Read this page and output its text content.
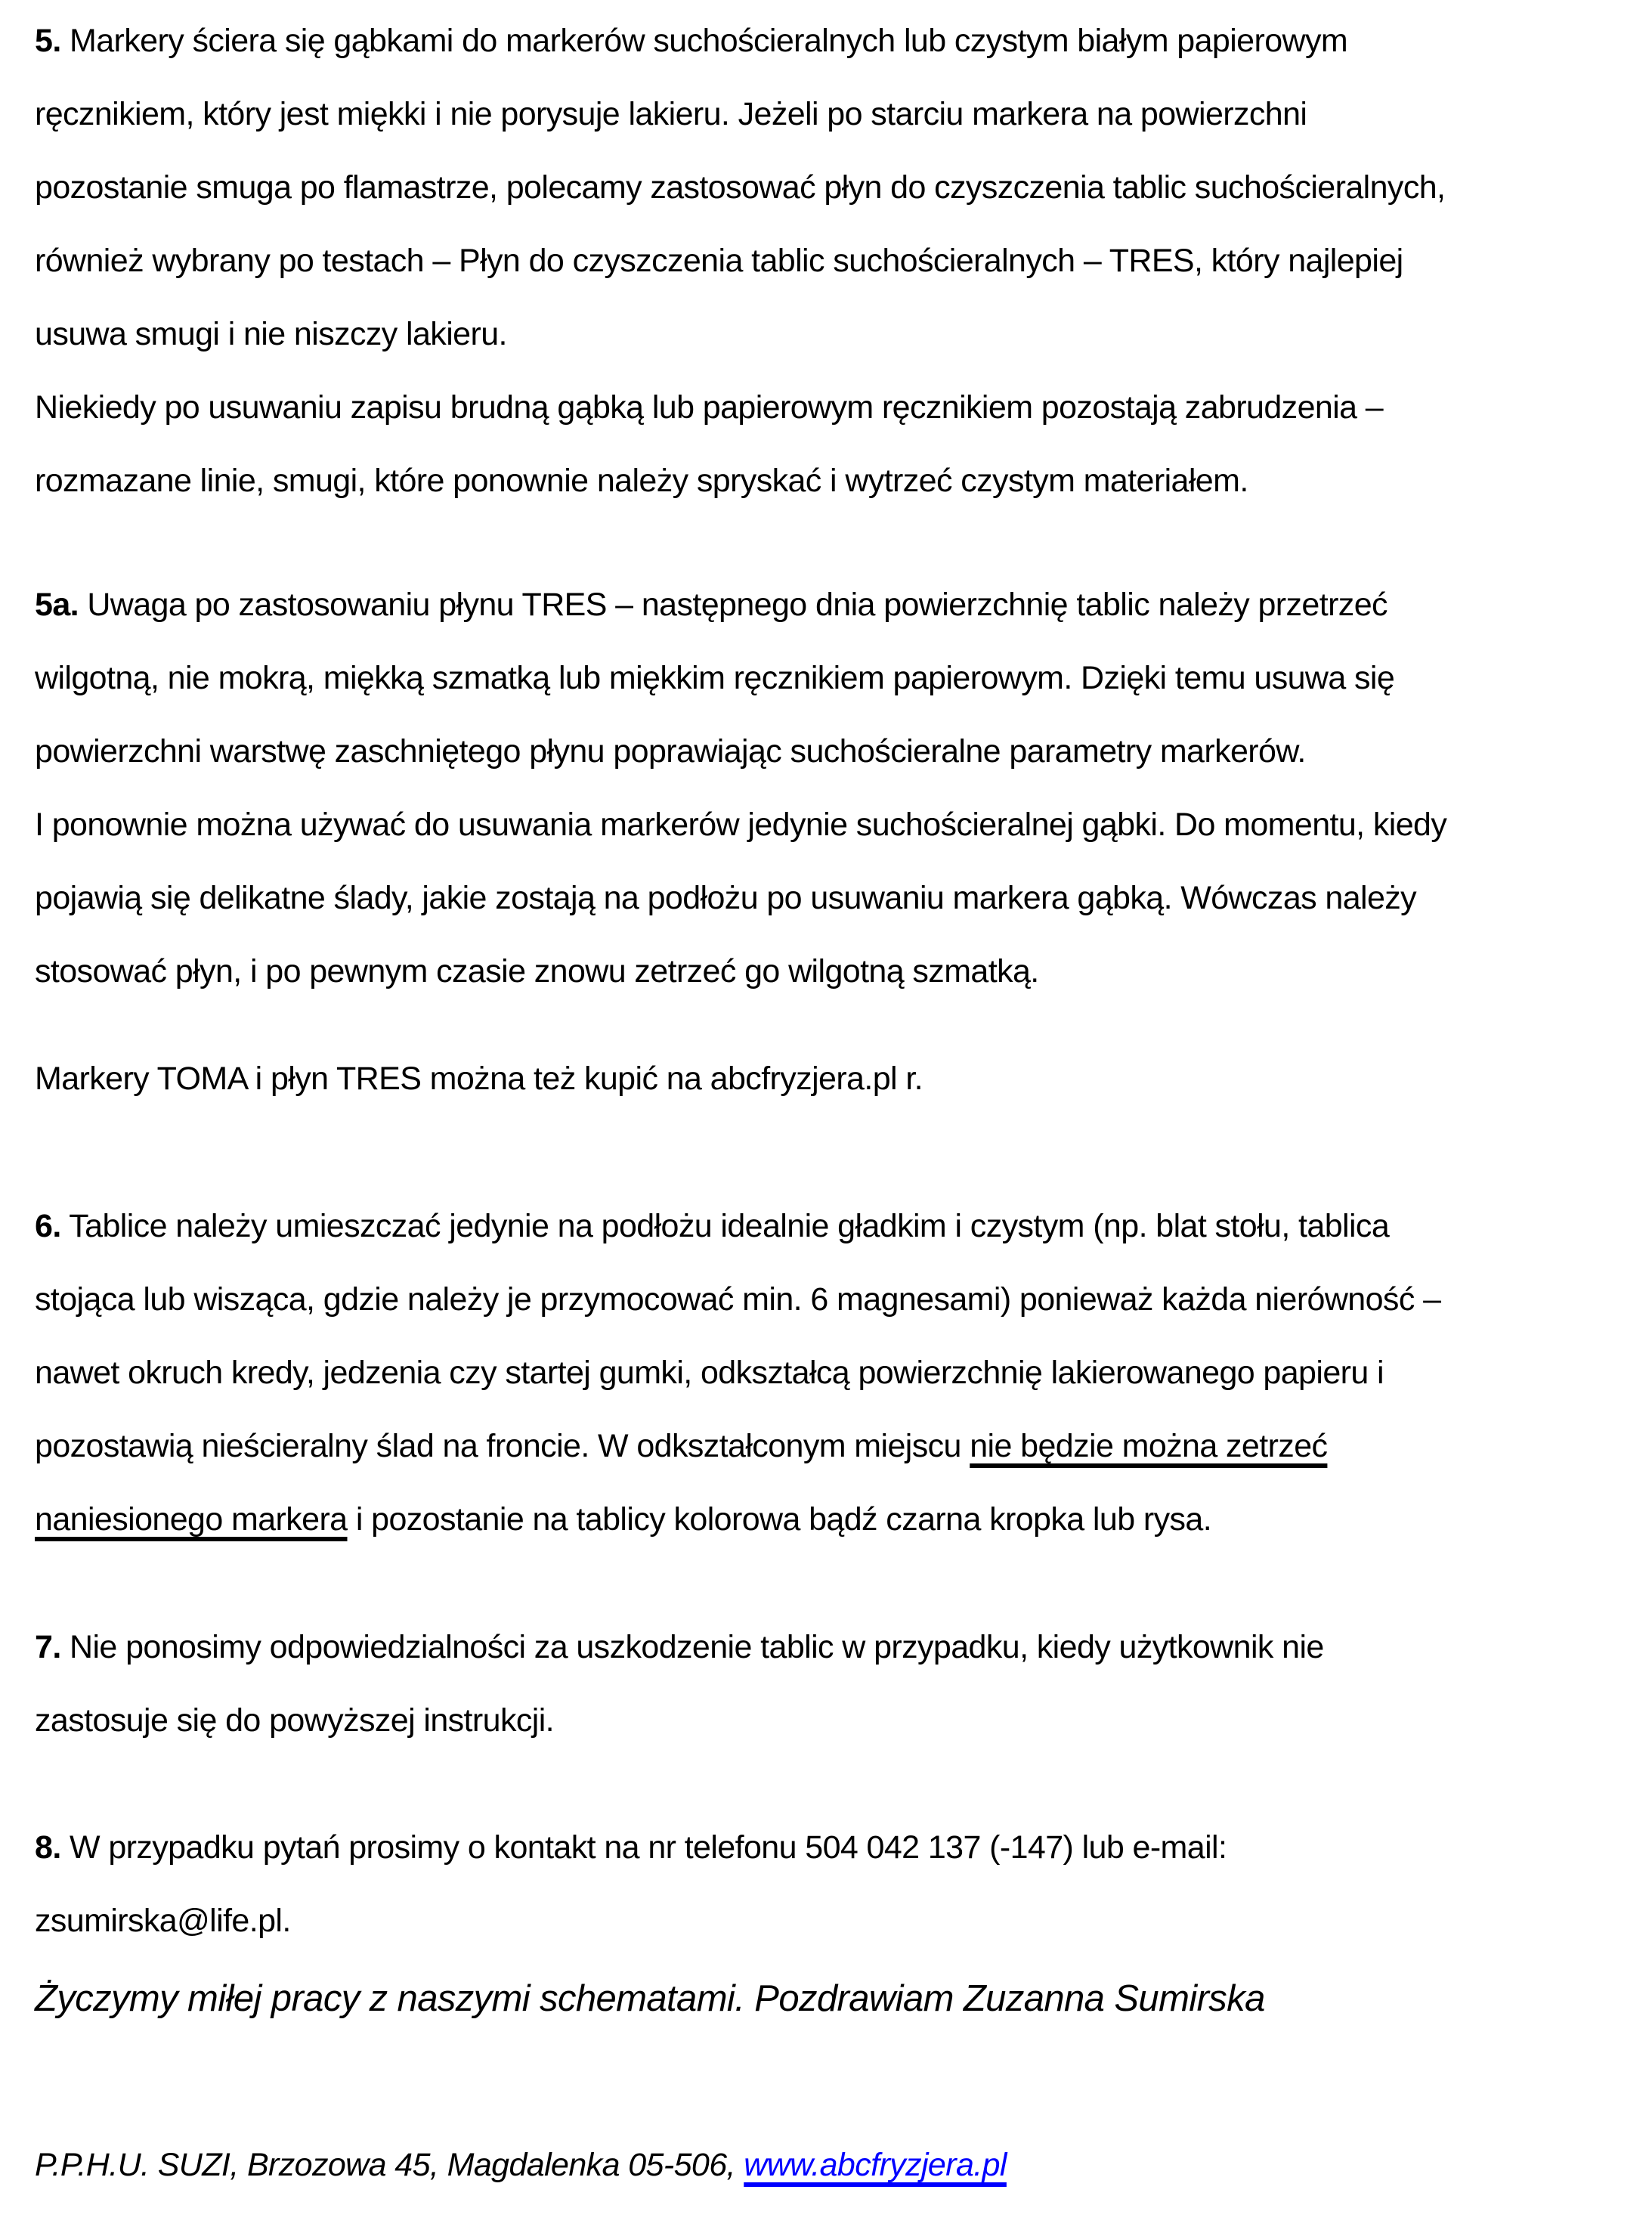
5. Markery ściera się gąbkami do markerów suchościeralnych lub czystym białym papierowym
ręcznikiem, który jest miękki i nie porysuje lakieru. Jeżeli po starciu markera na powierzchni
pozostanie smuga po flamastrze, polecamy zastosować płyn do czyszczenia tablic suchościeralnych,
również wybrany po testach – Płyn do czyszczenia tablic suchościeralnych – TRES, który najlepiej
usuwa smugi i nie niszczy lakieru.
Niekiedy po usuwaniu zapisu brudną gąbką lub papierowym ręcznikiem pozostają zabrudzenia –
rozmazane linie, smugi, które ponownie należy spryskać i wytrzeć czystym materiałem.
5a. Uwaga po zastosowaniu płynu TRES – następnego dnia powierzchnię tablic należy przetrzeć
wilgotną, nie mokrą, miękką szmatką lub miękkim ręcznikiem papierowym. Dzięki temu usuwa się
powierzchni warstwę zaschniętego płynu poprawiając suchościeralne parametry markerów.
I ponownie można używać do usuwania markerów jedynie suchościeralnej gąbki. Do momentu, kiedy
pojawią się delikatne ślady, jakie zostają na podłożu po usuwaniu markera gąbką. Wówczas należy
stosować płyn, i po pewnym czasie znowu zetrzeć go wilgotną szmatką.
Markery TOMA i płyn TRES można też kupić na abcfryzjera.pl r.
6. Tablice należy umieszczać jedynie na podłożu idealnie gładkim i czystym (np. blat stołu, tablica
stojąca lub wisząca, gdzie należy je przymocować min. 6 magnesami) ponieważ każda nierówność –
nawet okruch kredy, jedzenia czy startej gumki, odkształcą powierzchnię lakierowanego papieru i
pozostawią nieścieralny ślad na froncie. W odkształconym miejscu nie będzie można zetrzeć
naniesionego markera i pozostanie na tablicy kolorowa bądź czarna kropka lub rysa.
7. Nie ponosimy odpowiedzialności za uszkodzenie tablic w przypadku, kiedy użytkownik nie
zastosuje się do powyższej instrukcji.
8. W przypadku pytań prosimy o kontakt na nr telefonu 504 042 137 (-147) lub e-mail:
zsumirska@life.pl.
Życzymy miłej pracy z naszymi schematami. Pozdrawiam Zuzanna Sumirska
P.P.H.U. SUZI, Brzozowa 45, Magdalenka 05-506, www.abcfryzjera.pl
